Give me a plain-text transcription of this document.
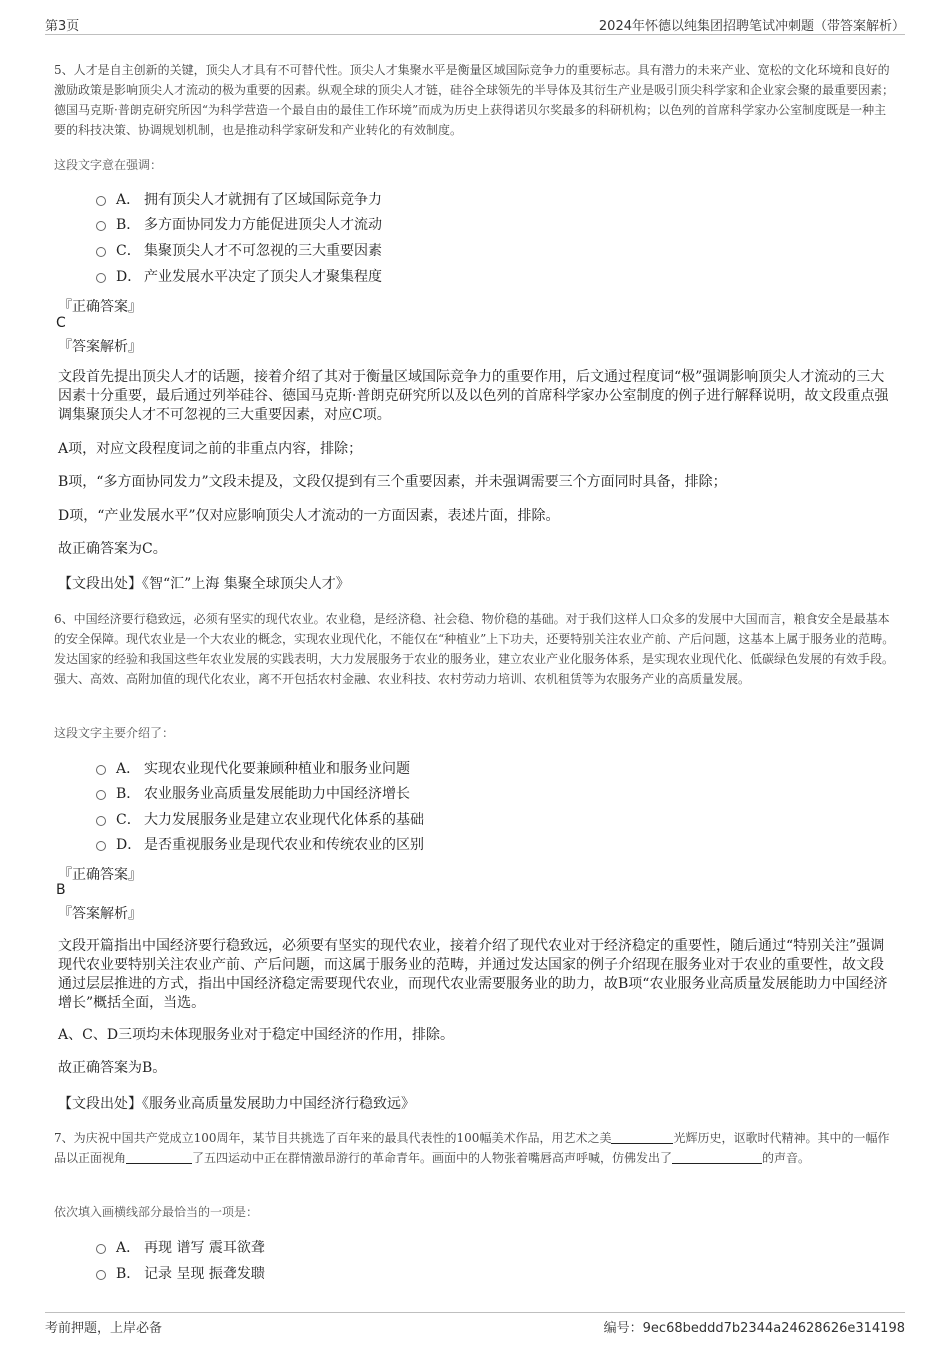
第3页	2024年怀德以纯集团招聘笔试冲刺题（带答案解析）

5、人才是自主创新的关键，顶尖人才具有不可替代性。顶尖人才集聚水平是衡量区域国际竞争力的重要标志。具有潜力的未来产业、宽松的文化环境和良好的激励政策是影响顶尖人才流动的极为重要的因素。纵观全球的顶尖人才链，硅谷全球领先的半导体及其衍生产业是吸引顶尖科学家和企业家会聚的最重要因素；德国马克斯·普朗克研究所因“为科学营造一个最自由的最佳工作环境”而成为历史上获得诺贝尔奖最多的科研机构；以色列的首席科学家办公室制度既是一种主要的科技决策、协调规划机制，也是推动科学家研发和产业转化的有效制度。

这段文字意在强调：
A． 拥有顶尖人才就拥有了区域国际竞争力
B． 多方面协同发力方能促进顶尖人才流动
C． 集聚顶尖人才不可忽视的三大重要因素
D． 产业发展水平决定了顶尖人才聚集程度
『正确答案』
C
『答案解析』

文段首先提出顶尖人才的话题，接着介绍了其对于衡量区域国际竞争力的重要作用，后文通过程度词“极”强调影响顶尖人才流动的三大因素十分重要，最后通过列举硅谷、德国马克斯·普朗克研究所以及以色列的首席科学家办公室制度的例子进行解释说明，故文段重点强调集聚顶尖人才不可忽视的三大重要因素，对应C项。

A项，对应文段程度词之前的非重点内容，排除；

B项，“多方面协同发力”文段未提及，文段仅提到有三个重要因素，并未强调需要三个方面同时具备，排除；

D项，“产业发展水平”仅对应影响顶尖人才流动的一方面因素，表述片面，排除。

故正确答案为C。

【文段出处】《智“汇”上海 集聚全球顶尖人才》

6、中国经济要行稳致远，必须有坚实的现代农业。农业稳，是经济稳、社会稳、物价稳的基础。对于我们这样人口众多的发展中大国而言，粮食安全是最基本的安全保障。现代农业是一个大农业的概念，实现农业现代化，不能仅在“种植业”上下功夫，还要特别关注农业产前、产后问题，这基本上属于服务业的范畴。发达国家的经验和我国这些年农业发展的实践表明，大力发展服务于农业的服务业，建立农业产业化服务体系，是实现农业现代化、低碳绿色发展的有效手段。强大、高效、高附加值的现代化农业，离不开包括农村金融、农业科技、农村劳动力培训、农机租赁等为农服务产业的高质量发展。

这段文字主要介绍了：
A． 实现农业现代化要兼顾种植业和服务业问题
B． 农业服务业高质量发展能助力中国经济增长
C． 大力发展服务业是建立农业现代化体系的基础
D． 是否重视服务业是现代农业和传统农业的区别
『正确答案』
B
『答案解析』

文段开篇指出中国经济要行稳致远，必须要有坚实的现代农业，接着介绍了现代农业对于经济稳定的重要性，随后通过“特别关注”强调现代农业要特别关注农业产前、产后问题，而这属于服务业的范畴，并通过发达国家的例子介绍现在服务业对于农业的重要性，故文段通过层层推进的方式，指出中国经济稳定需要现代农业，而现代农业需要服务业的助力，故B项“农业服务业高质量发展能助力中国经济增长”概括全面，当选。

A、C、D三项均未体现服务业对于稳定中国经济的作用，排除。

故正确答案为B。

【文段出处】《服务业高质量发展助力中国经济行稳致远》

7、为庆祝中国共产党成立100周年，某节目共挑选了百年来的最具代表性的100幅美术作品，用艺术之美	光辉历史，讴歌时代精神。其中的一幅作品以正面视角	了五四运动中正在群情激昂游行的革命青年。画面中的人物张着嘴唇高声呼喊，仿佛发出了	的声音。

依次填入画横线部分最恰当的一项是：
A． 再现 谱写 震耳欲聋
B． 记录 呈现 振聋发聩
考前押题，上岸必备	编号：9ec68beddd7b2344a24628626e314198
